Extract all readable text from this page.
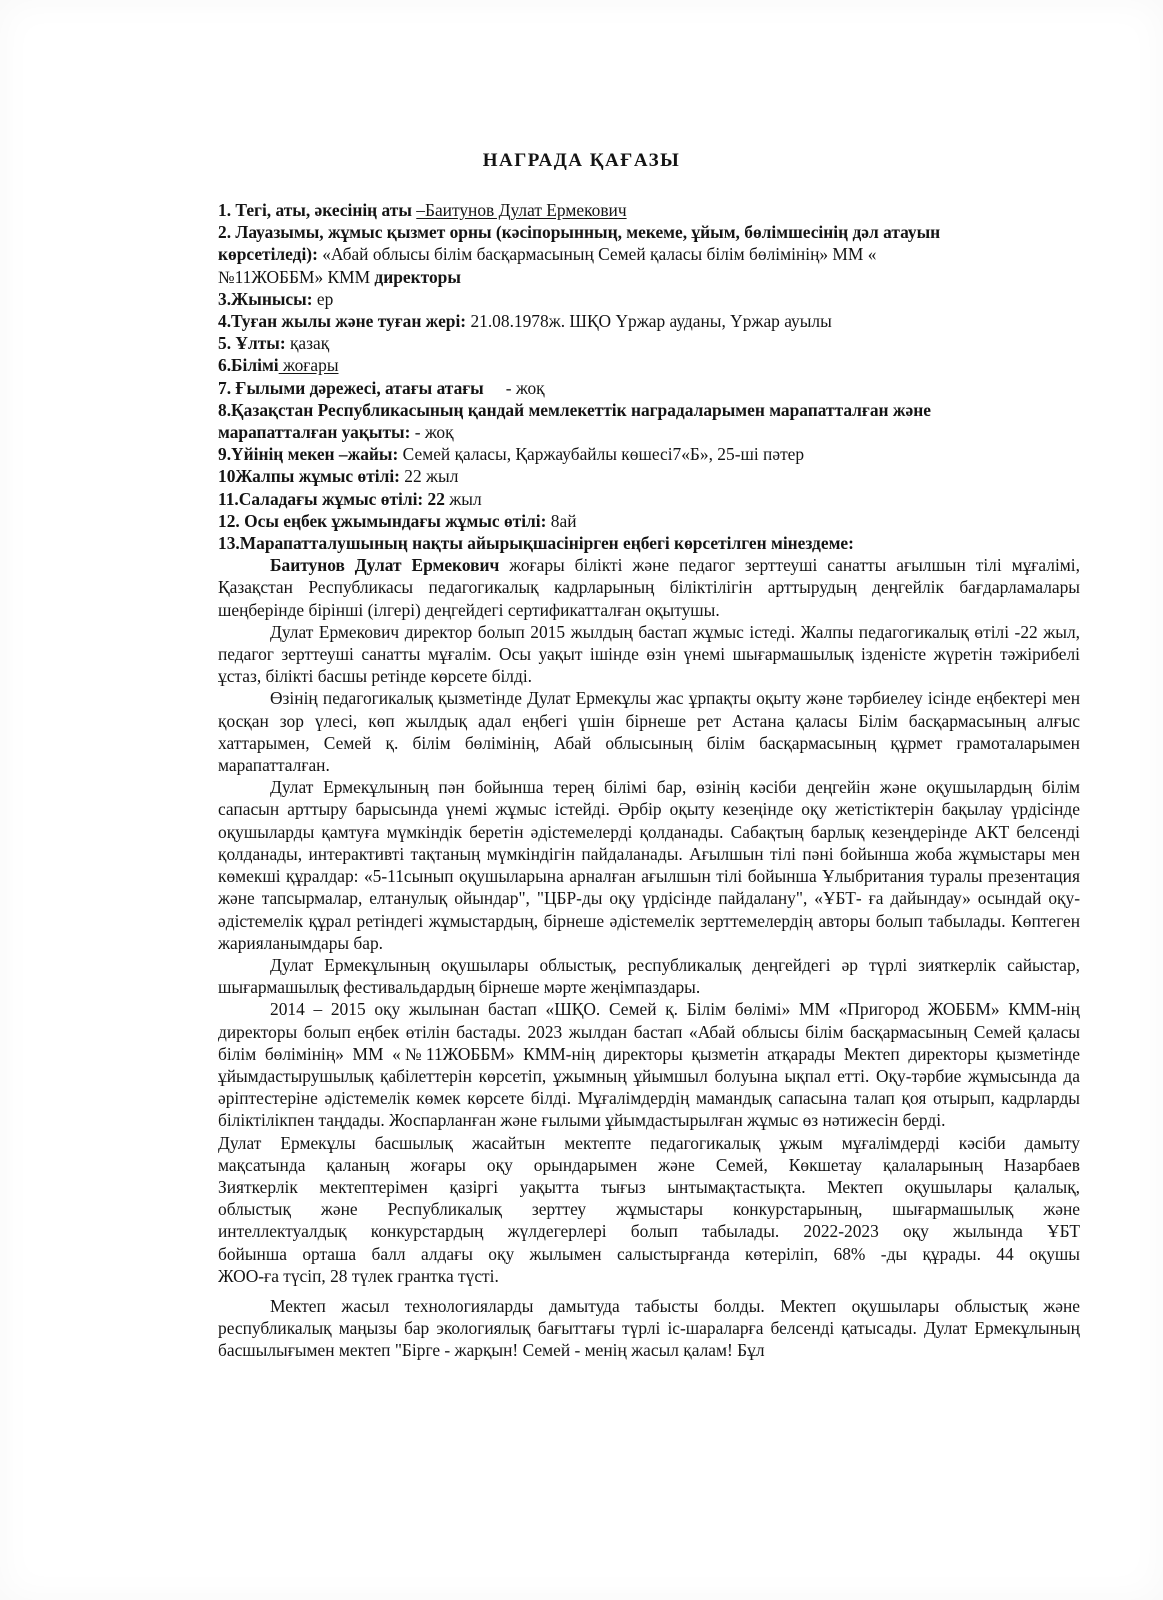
НАГРАДА ҚАҒАЗЫ
1. Тегі, аты, әкесінің аты –Баитунов Дулат Ермекович
2. Лауазымы, жұмыс қызмет орны (кәсіпорынның, мекеме, ұйым, бөлімшесінің дәл атауын
көрсетіледі): «Абай облысы білім басқармасының Семей қаласы білім бөлімінің» ММ «
№11ЖОББМ» КММ директоры
3.Жынысы: ер
4.Туған жылы және туған жері: 21.08.1978ж. ШҚО Үржар ауданы, Үржар ауылы
5. Ұлты: қазақ
6.Білімі жоғары
7. Ғылыми дәрежесі, атағы атағы - жоқ
8.Қазақстан Республикасының қандай мемлекеттік наградаларымен марапатталған және
марапатталған уақыты: - жоқ
9.Үйінің мекен –жайы: Семей қаласы, Қаржаубайлы көшесі7«Б», 25-ші пәтер
10Жалпы жұмыс өтілі: 22 жыл
11.Саладағы жұмыс өтілі: 22 жыл
12. Осы еңбек ұжымындағы жұмыс өтілі: 8ай
13.Марапатталушының нақты айырықшасінірген еңбегі көрсетілген мінездеме:

Баитунов Дулат Ермекович жоғары білікті және педагог зерттеуші санатты ағылшын тілі мұғалімі, Қазақстан Республикасы педагогикалық кадрларының біліктілігін арттырудың деңгейлік бағдарламалары шеңберінде бірінші (ілгері) деңгейдегі сертификатталған оқытушы.

Дулат Ермекович директор болып 2015 жылдың бастап жұмыс істеді. Жалпы педагогикалық өтілі -22 жыл, педагог зерттеуші санатты мұғалім. Осы уақыт ішінде өзін үнемі шығармашылық ізденісте жүретін тәжірибелі ұстаз, білікті басшы ретінде көрсете білді.

Өзінің педагогикалық қызметінде Дулат Ермекұлы жас ұрпақты оқыту және тәрбиелеу ісінде еңбектері мен қосқан зор үлесі, көп жылдық адал еңбегі үшін бірнеше рет Астана қаласы Білім басқармасының алғыс хаттарымен, Семей қ. білім бөлімінің, Абай облысының білім басқармасының құрмет грамоталарымен марапатталған.

Дулат Ермекұлының пән бойынша терең білімі бар, өзінің кәсіби деңгейін және оқушылардың білім сапасын арттыру барысында үнемі жұмыс істейді. Әрбір оқыту кезеңінде оқу жетістіктерін бақылау үрдісінде оқушыларды қамтуға мүмкіндік беретін әдістемелерді қолданады. Сабақтың барлық кезеңдерінде АКТ белсенді қолданады, интерактивті тақтаның мүмкіндігін пайдаланады. Ағылшын тілі пәні бойынша жоба жұмыстары мен көмекші құралдар: «5-11сынып оқушыларына арналған ағылшын тілі бойынша Ұлыбритания туралы презентация және тапсырмалар, елтанулық ойындар", "ЦБР-ды оқу үрдісінде пайдалану", «ҰБТ- ға дайындау» осындай оқу-әдістемелік құрал ретіндегі жұмыстардың, бірнеше әдістемелік зерттемелердің авторы болып табылады. Көптеген жарияланымдары бар.

Дулат Ермекұлының оқушылары облыстық, республикалық деңгейдегі әр түрлі зияткерлік сайыстар, шығармашылық фестивальдардың бірнеше мәрте жеңімпаздары.

2014 – 2015 оқу жылынан бастап «ШҚО. Семей қ. Білім бөлімі» ММ «Пригород ЖОББМ» КММ-нің директоры болып еңбек өтілін бастады. 2023 жылдан бастап «Абай облысы білім басқармасының Семей қаласы білім бөлімінің» ММ «№11ЖОББМ» КММ-нің директоры қызметін атқарады Мектеп директоры қызметінде ұйымдастырушылық қабілеттерін көрсетіп, ұжымның ұйымшыл болуына ықпал етті. Оқу-тәрбие жұмысында да әріптестеріне әдістемелік көмек көрсете білді. Мұғалімдердің мамандық сапасына талап қоя отырып, кадрларды біліктілікпен таңдады. Жоспарланған және ғылыми ұйымдастырылған жұмыс өз нәтижесін берді.

Дулат Ермекұлы басшылық жасайтын мектепте педагогикалық ұжым мұғалімдерді кәсіби дамыту
мақсатында қаланың жоғары оқу орындарымен және Семей, Көкшетау қалаларының Назарбаев
Зияткерлік мектептерімен қазіргі уақытта тығыз ынтымақтастықта. Мектеп оқушылары қалалық,
облыстық және Республикалық зерттеу жұмыстары конкурстарының, шығармашылық және
интеллектуалдық конкурстардың жүлдегерлері болып табылады. 2022-2023 оқу жылында ҰБТ
бойынша орташа балл алдағы оқу жылымен салыстырғанда көтеріліп, 68% -ды құрады. 44 оқушы
ЖОО-ға түсіп, 28 түлек грантка түсті.

Мектеп жасыл технологияларды дамытуда табысты болды. Мектеп оқушылары облыстық және республикалық маңызы бар экологиялық бағыттағы түрлі іс-шараларға белсенді қатысады. Дулат Ермекұлының басшылығымен мектеп "Бірге - жарқын! Семей - менің жасыл қалам! Бұл
